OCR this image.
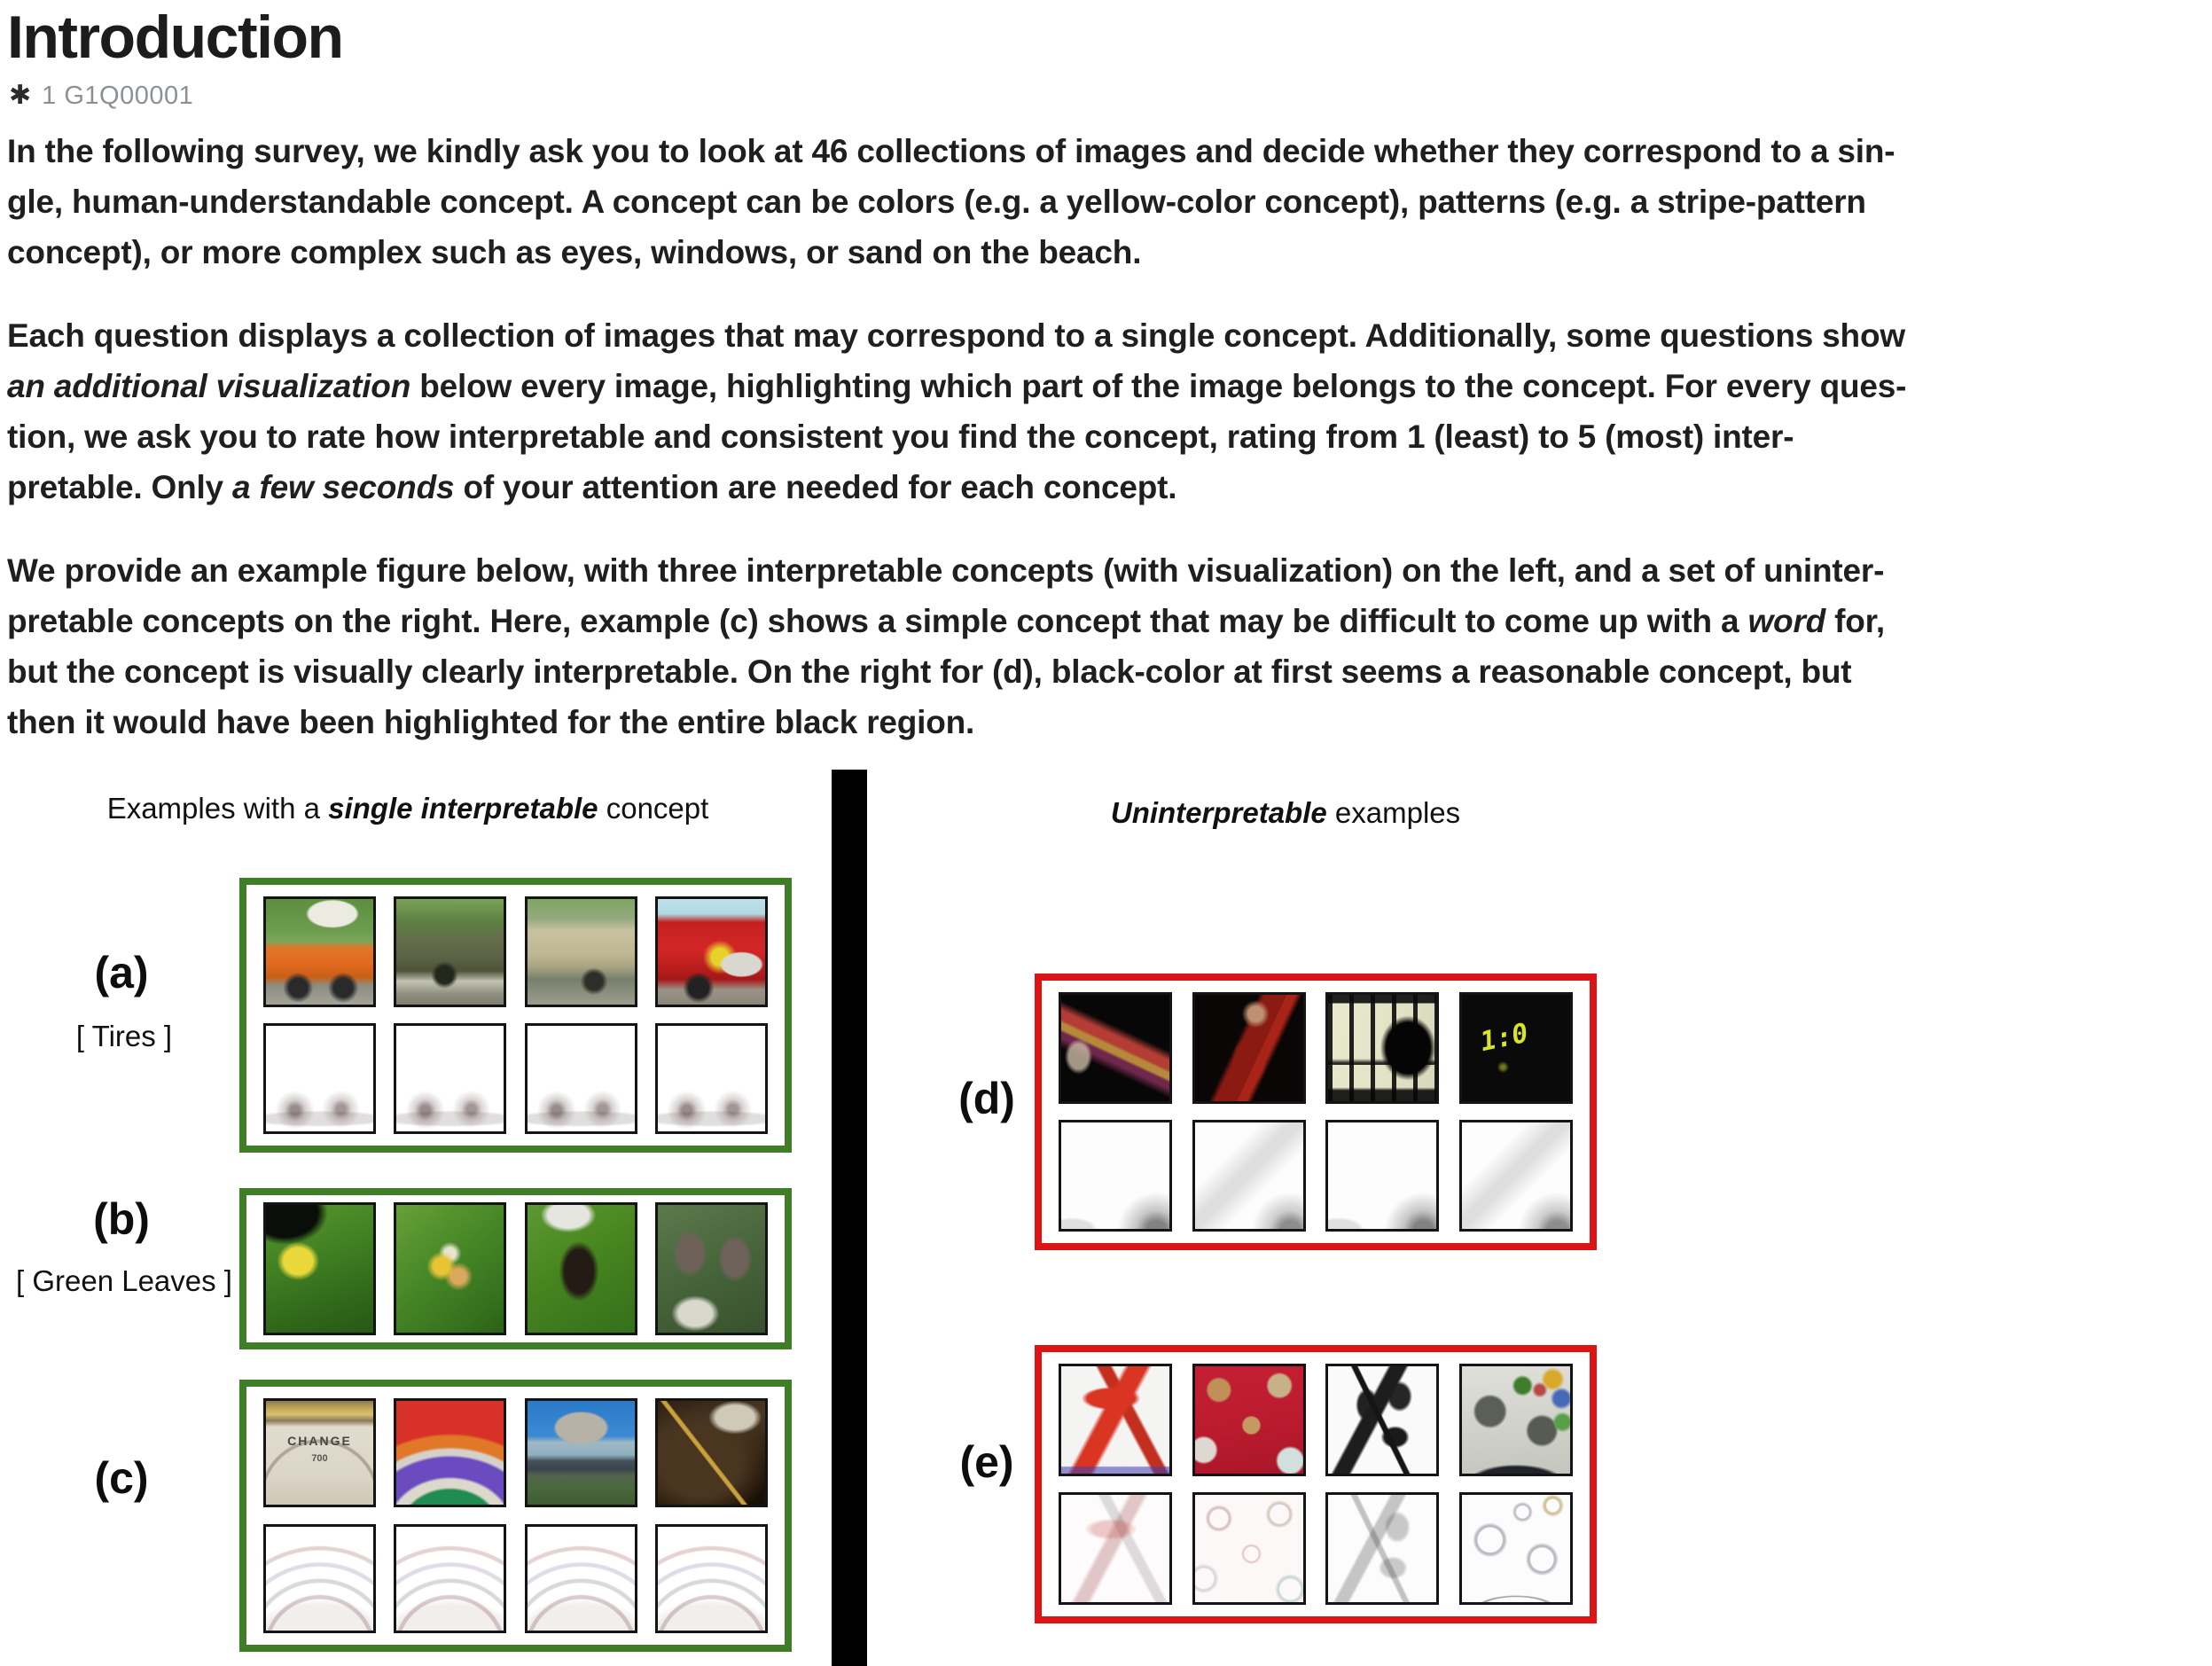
Introduction
✱ 1 G1Q00001

In the following survey, we kindly ask you to look at 46 collections of images and decide whether they correspond to a sin-
gle, human-understandable concept. A concept can be colors (e.g. a yellow-color concept), patterns (e.g. a stripe-pattern
concept), or more complex such as eyes, windows, or sand on the beach.

Each question displays a collection of images that may correspond to a single concept. Additionally, some questions show
an additional visualization below every image, highlighting which part of the image belongs to the concept. For every ques-
tion, we ask you to rate how interpretable and consistent you find the concept, rating from 1 (least) to 5 (most) inter-
pretable. Only a few seconds of your attention are needed for each concept.

We provide an example figure below, with three interpretable concepts (with visualization) on the left, and a set of uninter-
pretable concepts on the right. Here, example (c) shows a simple concept that may be difficult to come up with a word for,
but the concept is visually clearly interpretable. On the right for (d), black-color at first seems a reasonable concept, but
then it would have been highlighted for the entire black region.

Examples with a single interpretable concept	Uninterpretable examples
(a)
[ Tires ]
(b)
[ Green Leaves ]
(c)
CHANGE
700
(d)
1:0
(e)
